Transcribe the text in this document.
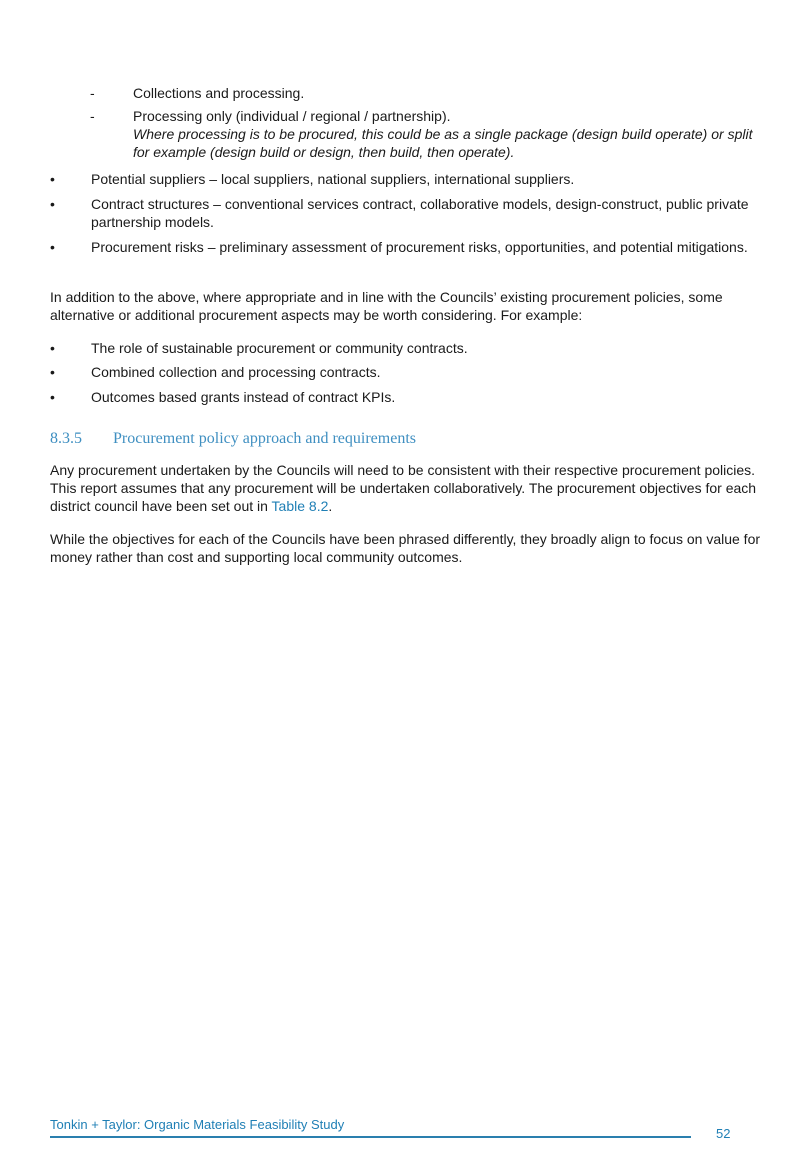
-	Collections and processing.
-	Processing only (individual / regional / partnership).
Where processing is to be procured, this could be as a single package (design build operate) or split for example (design build or design, then build, then operate).
•	Potential suppliers – local suppliers, national suppliers, international suppliers.
•	Contract structures – conventional services contract, collaborative models, design-construct, public private partnership models.
•	Procurement risks – preliminary assessment of procurement risks, opportunities, and potential mitigations.
In addition to the above, where appropriate and in line with the Councils’ existing procurement policies, some alternative or additional procurement aspects may be worth considering. For example:
•	The role of sustainable procurement or community contracts.
•	Combined collection and processing contracts.
•	Outcomes based grants instead of contract KPIs.
8.3.5 Procurement policy approach and requirements
Any procurement undertaken by the Councils will need to be consistent with their respective procurement policies. This report assumes that any procurement will be undertaken collaboratively. The procurement objectives for each district council have been set out in Table 8.2.
While the objectives for each of the Councils have been phrased differently, they broadly align to focus on value for money rather than cost and supporting local community outcomes.
Tonkin + Taylor: Organic Materials Feasibility Study
52
